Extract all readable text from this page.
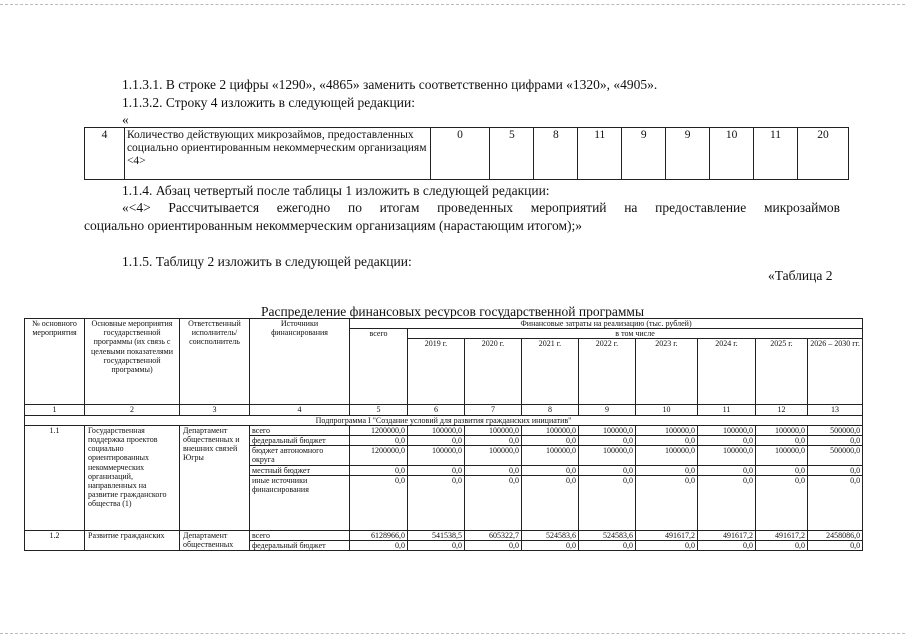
1.1.3.1. В строке 2 цифры «1290», «4865» заменить соответственно цифрами «1320», «4905».
1.1.3.2. Строку 4 изложить в следующей редакции:
«
4	Количество действующих микрозаймов, предоставленных социально ориентированным некоммерческим организациям <4>	0	5	8	11	9	9	10	11	20
1.1.4. Абзац четвертый после таблицы 1 изложить в следующей редакции:
«<4> Рассчитывается ежегодно по итогам проведенных мероприятий на предоставление микрозаймов
социально ориентированным некоммерческим организациям (нарастающим итогом);»
1.1.5. Таблицу 2 изложить в следующей редакции:
«Таблица 2
Распределение финансовых ресурсов государственной программы
№ основного мероприятия	Основные мероприятия государственной программы (их связь с целевыми показателями государственной программы)	Ответственный исполнитель/ соисполнитель	Источники финансирования	Финансовые затраты на реализацию (тыс. рублей)								
				всего	в том числе							
					2019 г.	2020 г.	2021 г.	2022 г.	2023 г.	2024 г.	2025 г.	2026 – 2030 гг.
1	2	3	4	5	6	7	8	9	10	11	12	13
Подпрограмма I "Создание условий для развития гражданских инициатив"												
1.1	Государственная поддержка проектов социально ориентированных некоммерческих организаций, направленных на развитие гражданского общества (1)	Департамент общественных и внешних связей Югры	всего	1200000,0	100000,0	100000,0	100000,0	100000,0	100000,0	100000,0	100000,0	500000,0
			федеральный бюджет	0,0	0,0	0,0	0,0	0,0	0,0	0,0	0,0	0,0
			бюджет автономного округа	1200000,0	100000,0	100000,0	100000,0	100000,0	100000,0	100000,0	100000,0	500000,0
			местный бюджет	0,0	0,0	0,0	0,0	0,0	0,0	0,0	0,0	0,0
			иные источники финансирования	0,0	0,0	0,0	0,0	0,0	0,0	0,0	0,0	0,0
1.2	Развитие гражданских	Департамент общественных	всего	6128966,0	541538,5	605322,7	524583,6	524583,6	491617,2	491617,2	491617,2	2458086,0
			федеральный бюджет	0,0	0,0	0,0	0,0	0,0	0,0	0,0	0,0	0,0
